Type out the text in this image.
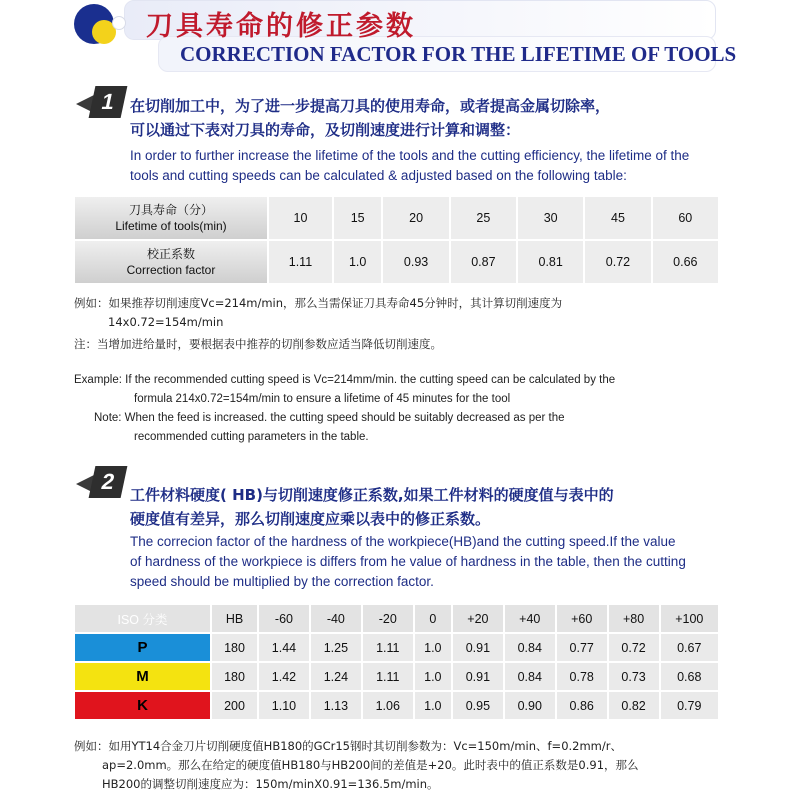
刀具寿命的修正参数
CORRECTION FACTOR FOR THE LIFETIME OF TOOLS
1 在切削加工中，为了进一步提高刀具的使用寿命，或者提高金属切除率，
可以通过下表对刀具的寿命，及切削速度进行计算和调整：
In order to further increase the lifetime of the tools and the cutting efficiency, the lifetime of the
tools and cutting speeds can be calculated & adjusted based on the following table:
刀具寿命（分）
Lifetime of tools(min)	10	15	20	25	30	45	60

校正系数
Correction factor	1.11	1.0	0.93	0.87	0.81	0.72	0.66
例如：如果推荐切削速度Vc=214m/min，那么当需保证刀具寿命45分钟时，其计算切削速度为
14x0.72=154m/min
注：当增加进给量时，要根据表中推荐的切削参数应适当降低切削速度。
Example: If the recommended cutting speed is Vc=214mm/min. the cutting speed can be calculated by the
formula 214x0.72=154m/min to ensure a lifetime of 45 minutes for the tool
Note: When the feed is increased. the cutting speed should be suitably decreased as per the
recommended cutting parameters in the table.
2
工件材料硬度( HB)与切削速度修正系数,如果工件材料的硬度值与表中的
硬度值有差异，那么切削速度应乘以表中的修正系数。
The correcion factor of the hardness of the workpiece(HB)and the cutting speed.If the value
of hardness of the workpiece is differs from he value of hardness in the table, then the cutting
speed should be multiplied by the correction factor.
ISO 分类	HB	-60	-40	-20	0	+20	+40	+60	+80	+100
P	180	1.44	1.25	1.11	1.0	0.91	0.84	0.77	0.72	0.67
M	180	1.42	1.24	1.11	1.0	0.91	0.84	0.78	0.73	0.68
K	200	1.10	1.13	1.06	1.0	0.95	0.90	0.86	0.82	0.79
例如：如用YT14合金刀片切削硬度值HB180的GCr15钢时其切削参数为：Vc=150m/min、f=0.2mm/r、
ap=2.0mm。那么在给定的硬度值HB180与HB200间的差值是+20。此时表中的值正系数是0.91，那么
HB200的调整切削速度应为：150m/minX0.91=136.5m/min。
